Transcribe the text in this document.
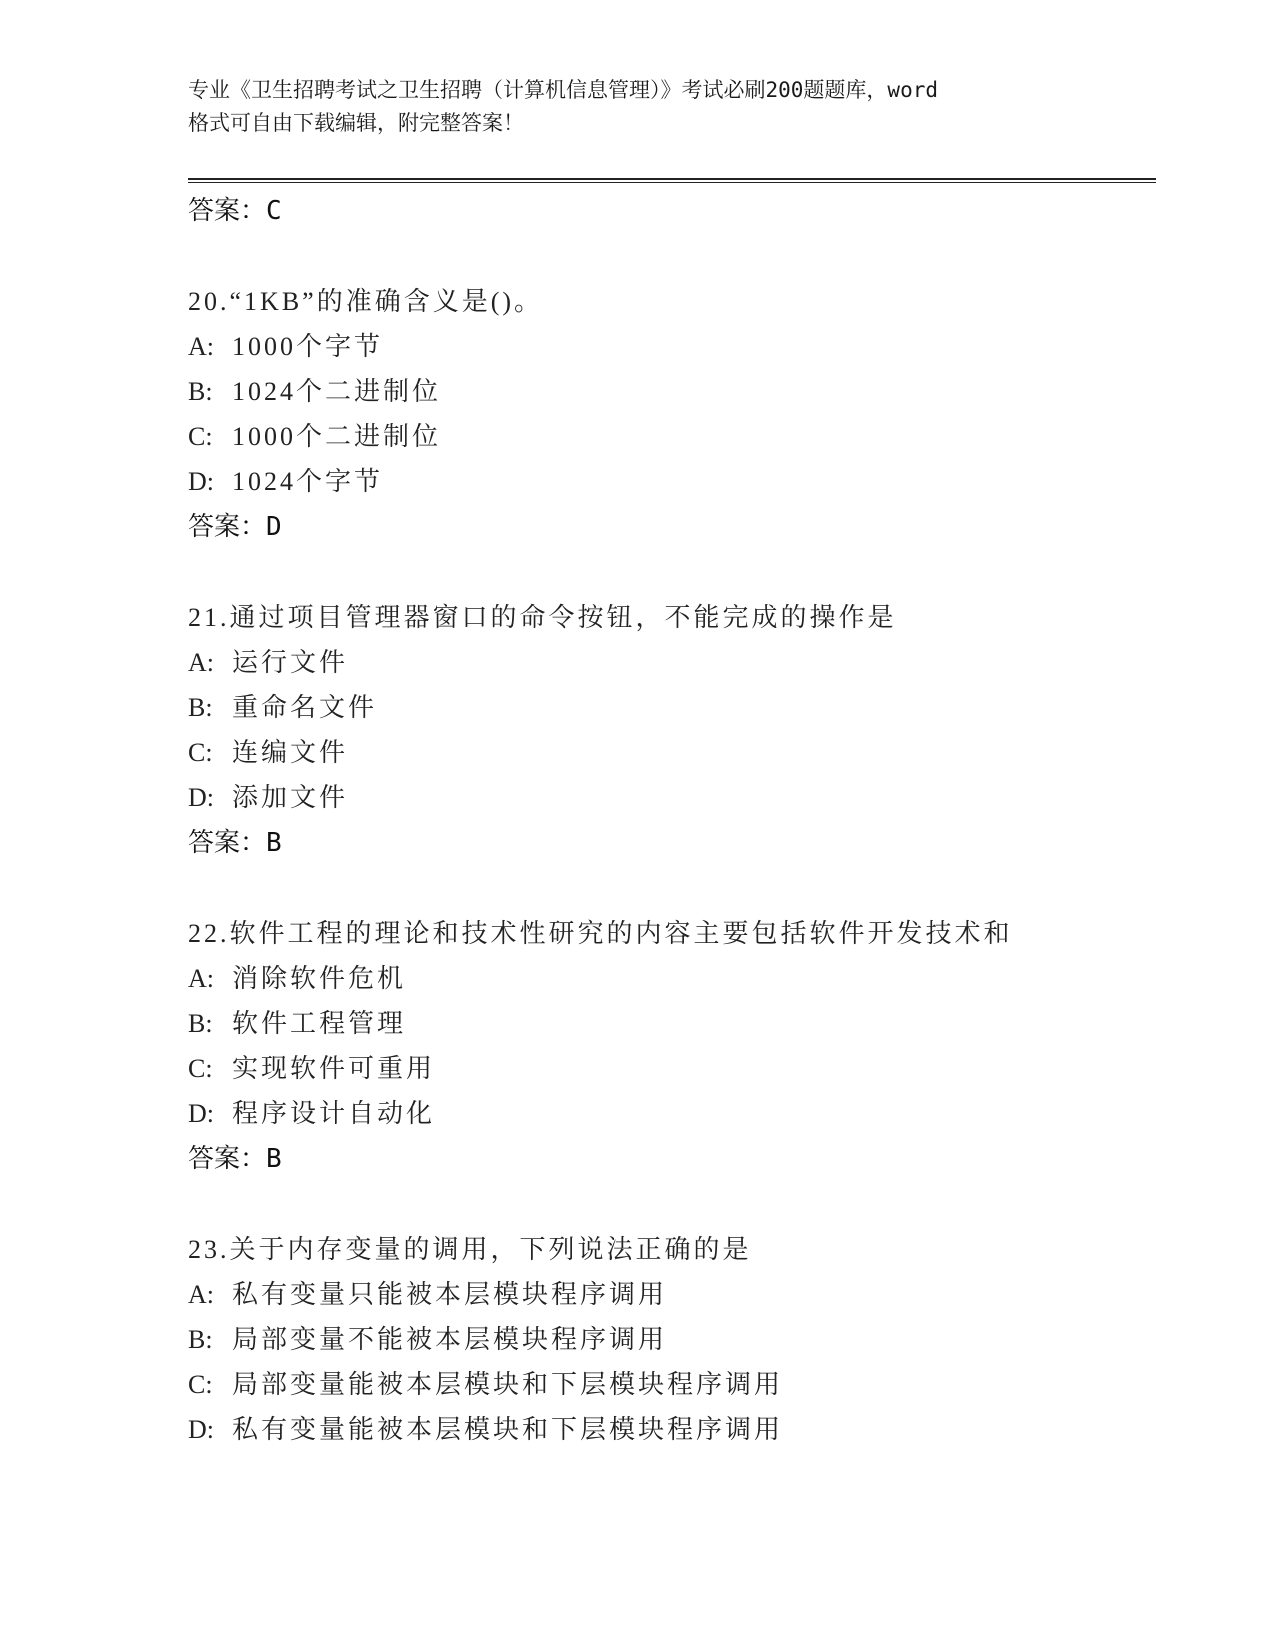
专业《卫生招聘考试之卫生招聘（计算机信息管理）》考试必刷200题题库，word
格式可自由下载编辑，附完整答案！
答案：C
20.“1KB”的准确含义是()。
A: 1000个字节
B: 1024个二进制位
C: 1000个二进制位
D: 1024个字节
答案：D
21.通过项目管理器窗口的命令按钮，不能完成的操作是
A: 运行文件
B: 重命名文件
C: 连编文件
D: 添加文件
答案：B
22.软件工程的理论和技术性研究的内容主要包括软件开发技术和
A: 消除软件危机
B: 软件工程管理
C: 实现软件可重用
D: 程序设计自动化
答案：B
23.关于内存变量的调用，下列说法正确的是
A: 私有变量只能被本层模块程序调用
B: 局部变量不能被本层模块程序调用
C: 局部变量能被本层模块和下层模块程序调用
D: 私有变量能被本层模块和下层模块程序调用
